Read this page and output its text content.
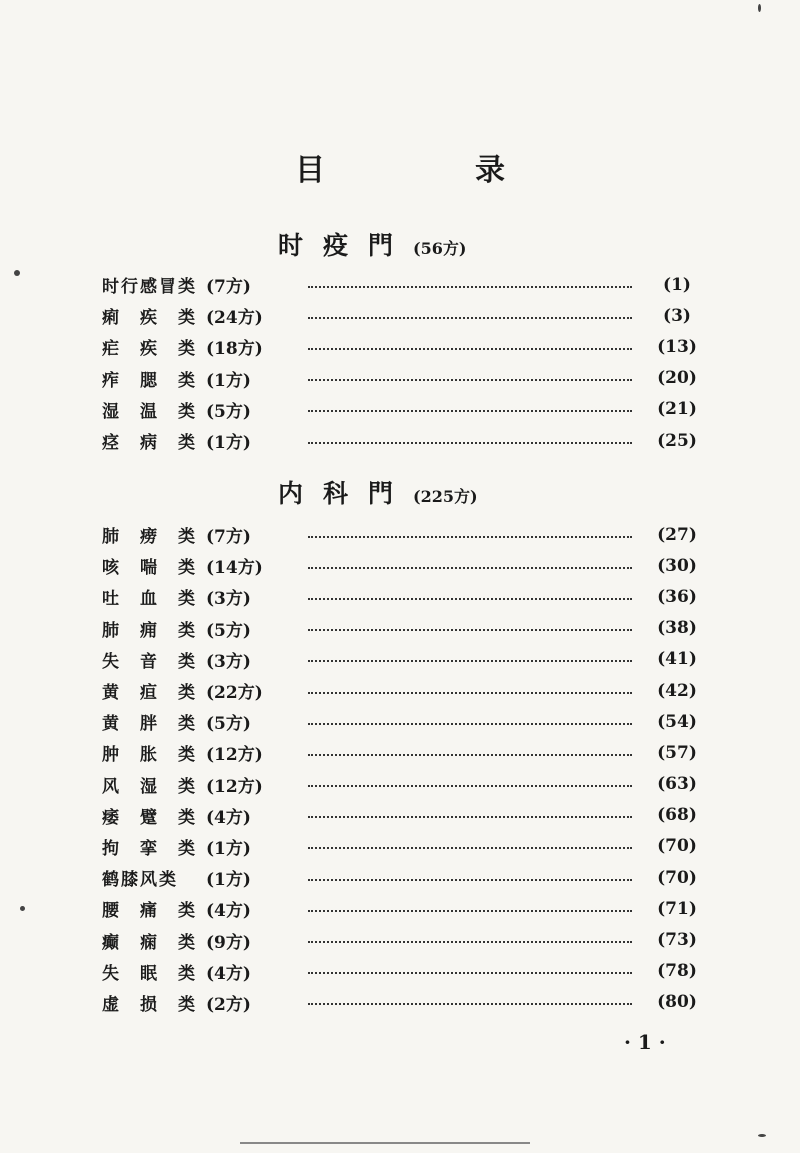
目　录
时疫門 (56方)
时行感冒类 (7方)	(1)
痢　疾　类 (24方)	(3)
疟　疾　类 (18方)	(13)
痄　腮　类 (1方)	(20)
湿　温　类 (5方)	(21)
痉　病　类 (1方)	(25)
内科門 (225方)
肺　痨　类 (7方)	(27)
咳　喘　类 (14方)	(30)
吐　血　类 (3方)	(36)
肺　痈　类 (5方)	(38)
失　音　类 (3方)	(41)
黄　疸　类 (22方)	(42)
黄　胖　类 (5方)	(54)
肿　胀　类 (12方)	(57)
风　湿　类 (12方)	(63)
痿　躄　类 (4方)	(68)
拘　挛　类 (1方)	(70)
鹤膝风类	(1方)	(70)
腰　痛　类 (4方)	(71)
癫　痫　类 (9方)	(73)
失　眠　类 (4方)	(78)
虚　损　类 (2方)	(80)
· 1 ·
